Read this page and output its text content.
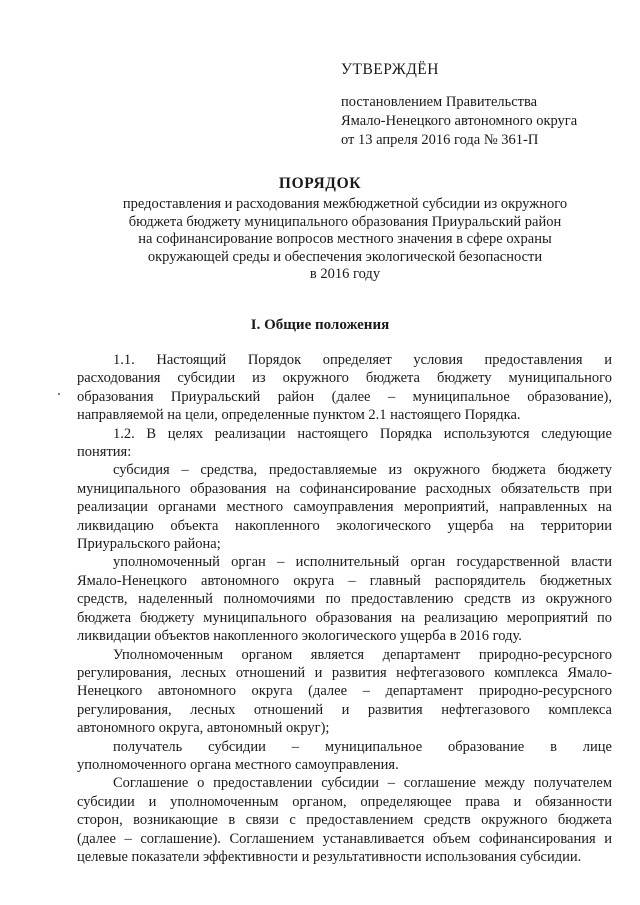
УТВЕРЖДЁН
постановлением Правительства
Ямало-Ненецкого автономного округа
от 13 апреля 2016 года № 361-П
ПОРЯДОК
предоставления и расходования межбюджетной субсидии из окружного
бюджета бюджету муниципального образования Приуральский район
на софинансирование вопросов местного значения в сфере охраны
окружающей среды и обеспечения экологической безопасности
в 2016 году
I. Общие положения

1.1. Настоящий Порядок определяет условия предоставления и
расходования субсидии из окружного бюджета бюджету муниципального
образования Приуральский район (далее – муниципальное образование),
направляемой на цели, определенные пунктом 2.1 настоящего Порядка.

1.2. В целях реализации настоящего Порядка используются следующие
понятия:

субсидия – средства, предоставляемые из окружного бюджета бюджету
муниципального образования на софинансирование расходных обязательств при
реализации органами местного самоуправления мероприятий, направленных на
ликвидацию объекта накопленного экологического ущерба на территории
Приуральского района;

уполномоченный орган – исполнительный орган государственной власти
Ямало-Ненецкого автономного округа – главный распорядитель бюджетных
средств, наделенный полномочиями по предоставлению средств из окружного
бюджета бюджету муниципального образования на реализацию мероприятий по
ликвидации объектов накопленного экологического ущерба в 2016 году.

Уполномоченным органом является департамент природно-ресурсного
регулирования, лесных отношений и развития нефтегазового комплекса Ямало-
Ненецкого автономного округа (далее – департамент природно-ресурсного
регулирования, лесных отношений и развития нефтегазового комплекса
автономного округа, автономный округ);

получатель субсидии – муниципальное образование в лице
уполномоченного органа местного самоуправления.

Соглашение о предоставлении субсидии – соглашение между получателем
субсидии и уполномоченным органом, определяющее права и обязанности
сторон, возникающие в связи с предоставлением средств окружного бюджета
(далее – соглашение). Соглашением устанавливается объем софинансирования и
целевые показатели эффективности и результативности использования субсидии.
